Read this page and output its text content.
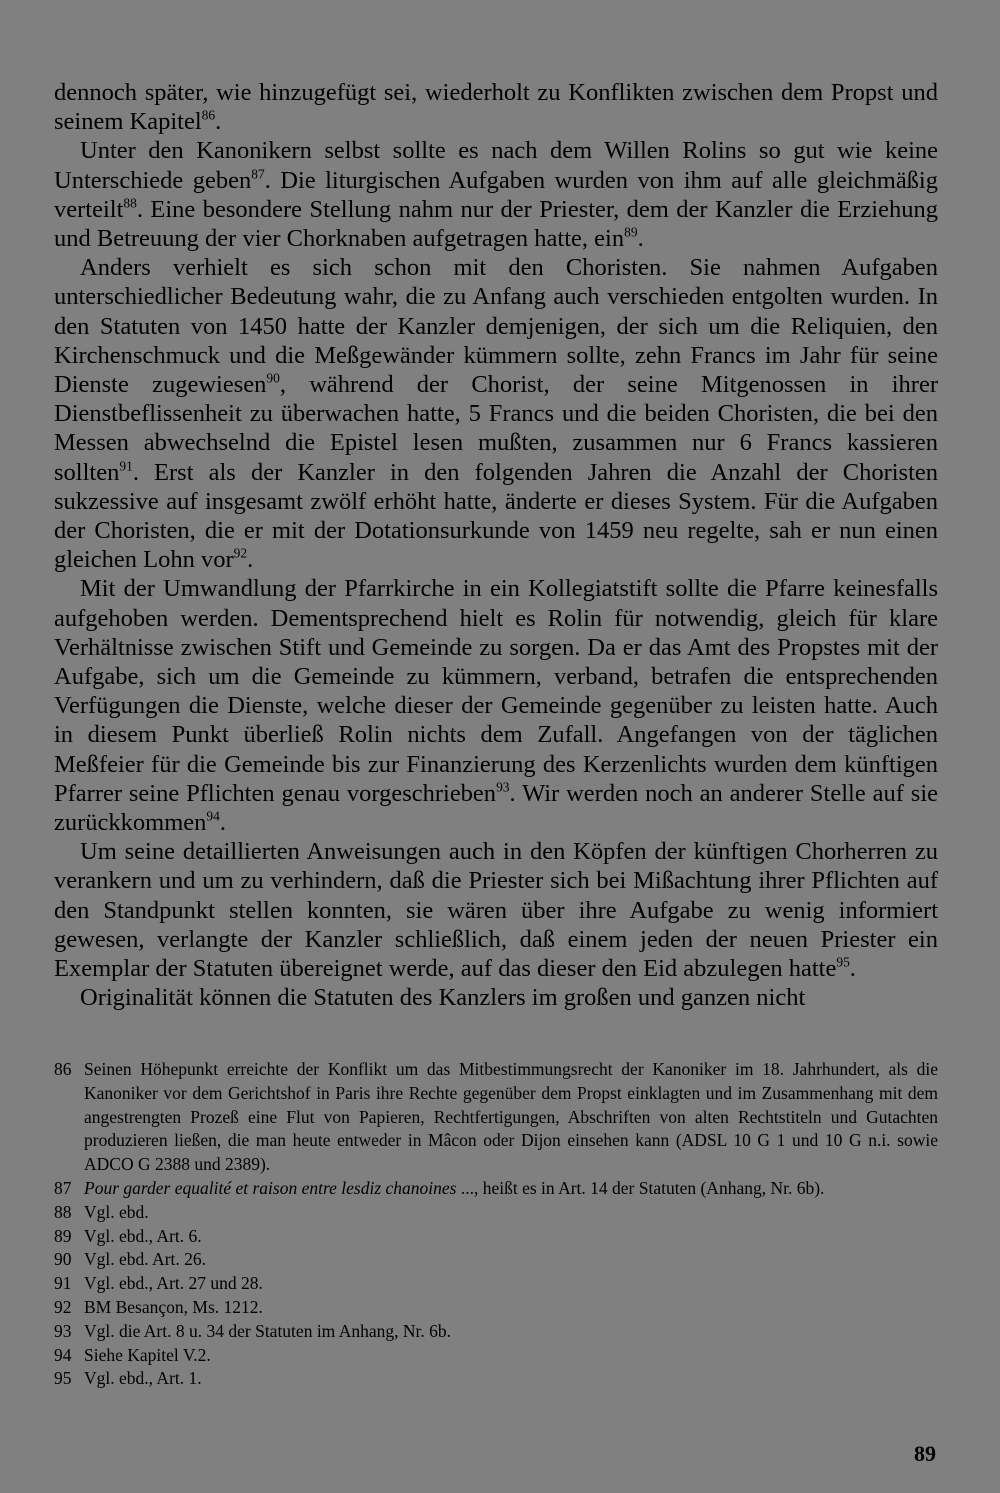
dennoch später, wie hinzugefügt sei, wiederholt zu Konflikten zwischen dem Propst und seinem Kapitel$^{86}$.

Unter den Kanonikern selbst sollte es nach dem Willen Rolins so gut wie keine Unterschiede geben$^{87}$. Die liturgischen Aufgaben wurden von ihm auf alle gleichmäßig verteilt$^{88}$. Eine besondere Stellung nahm nur der Priester, dem der Kanzler die Erziehung und Betreuung der vier Chorknaben aufgetragen hatte, ein$^{89}$.

Anders verhielt es sich schon mit den Choristen. Sie nahmen Aufgaben unterschiedlicher Bedeutung wahr, die zu Anfang auch verschieden entgolten wurden. In den Statuten von 1450 hatte der Kanzler demjenigen, der sich um die Reliquien, den Kirchenschmuck und die Meßgewänder kümmern sollte, zehn Francs im Jahr für seine Dienste zugewiesen$^{90}$, während der Chorist, der seine Mitgenossen in ihrer Dienstbeflissenheit zu überwachen hatte, 5 Francs und die beiden Choristen, die bei den Messen abwechselnd die Epistel lesen mußten, zusammen nur 6 Francs kassieren sollten$^{91}$. Erst als der Kanzler in den folgenden Jahren die Anzahl der Choristen sukzessive auf insgesamt zwölf erhöht hatte, änderte er dieses System. Für die Aufgaben der Choristen, die er mit der Dotationsurkunde von 1459 neu regelte, sah er nun einen gleichen Lohn vor$^{92}$.

Mit der Umwandlung der Pfarrkirche in ein Kollegiatstift sollte die Pfarre keinesfalls aufgehoben werden. Dementsprechend hielt es Rolin für notwendig, gleich für klare Verhältnisse zwischen Stift und Gemeinde zu sorgen. Da er das Amt des Propstes mit der Aufgabe, sich um die Gemeinde zu kümmern, verband, betrafen die entsprechenden Verfügungen die Dienste, welche dieser der Gemeinde gegenüber zu leisten hatte. Auch in diesem Punkt überließ Rolin nichts dem Zufall. Angefangen von der täglichen Meßfeier für die Gemeinde bis zur Finanzierung des Kerzenlichts wurden dem künftigen Pfarrer seine Pflichten genau vorgeschrieben$^{93}$. Wir werden noch an anderer Stelle auf sie zurückkommen$^{94}$.

Um seine detaillierten Anweisungen auch in den Köpfen der künftigen Chorherren zu verankern und um zu verhindern, daß die Priester sich bei Mißachtung ihrer Pflichten auf den Standpunkt stellen konnten, sie wären über ihre Aufgabe zu wenig informiert gewesen, verlangte der Kanzler schließlich, daß einem jeden der neuen Priester ein Exemplar der Statuten übereignet werde, auf das dieser den Eid abzulegen hatte$^{95}$.

Originalität können die Statuten des Kanzlers im großen und ganzen nicht

86 Seinen Höhepunkt erreichte der Konflikt um das Mitbestimmungsrecht der Kanoniker im 18. Jahrhundert, als die Kanoniker vor dem Gerichtshof in Paris ihre Rechte gegenüber dem Propst einklagten und im Zusammenhang mit dem angestrengten Prozeß eine Flut von Papieren, Rechtfertigungen, Abschriften von alten Rechtstiteln und Gutachten produzieren ließen, die man heute entweder in Mâcon oder Dijon einsehen kann (ADSL 10 G 1 und 10 G n.i. sowie ADCO G 2388 und 2389).
87 Pour garder equalité et raison entre lesdiz chanoines ..., heißt es in Art. 14 der Statuten (Anhang, Nr. 6b).
88 Vgl. ebd.
89 Vgl. ebd., Art. 6.
90 Vgl. ebd. Art. 26.
91 Vgl. ebd., Art. 27 und 28.
92 BM Besançon, Ms. 1212.
93 Vgl. die Art. 8 u. 34 der Statuten im Anhang, Nr. 6b.
94 Siehe Kapitel V.2.
95 Vgl. ebd., Art. 1.
89
